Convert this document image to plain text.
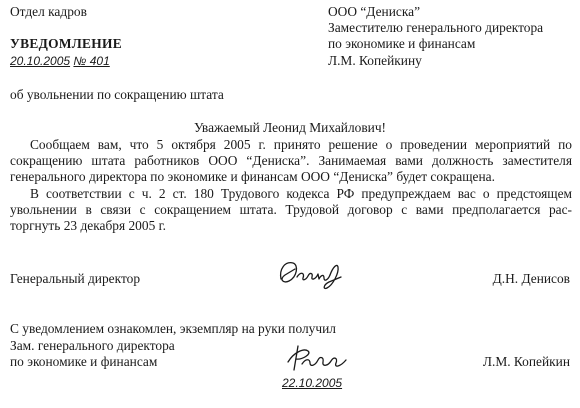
Отдел кадров
УВЕДОМЛЕНИЕ
20.10.2005 № 401
ООО “Дениска”
Заместителю генерального директора
по экономике и финансам
Л.М. Копейкину
об увольнении по сокращению штата
Уважаемый Леонид Михайлович!
Сообщаем вам, что 5 октября 2005 г. принято решение о проведении мероприятий по
сокращению штата работников ООО “Дениска”. Занимаемая вами должность заместителя
генерального директора по экономике и финансам ООО “Дениска” будет сокращена.
В соответствии с ч. 2 ст. 180 Трудового кодекса РФ предупреждаем вас о предстоящем
увольнении в связи с сокращением штата. Трудовой договор с вами предполагается рас-
торгнуть 23 декабря 2005 г.
Генеральный директор	Д.Н. Денисов
С уведомлением ознакомлен, экземпляр на руки получил
Зам. генерального директора
по экономике и финансам	Л.М. Копейкин
22.10.2005
